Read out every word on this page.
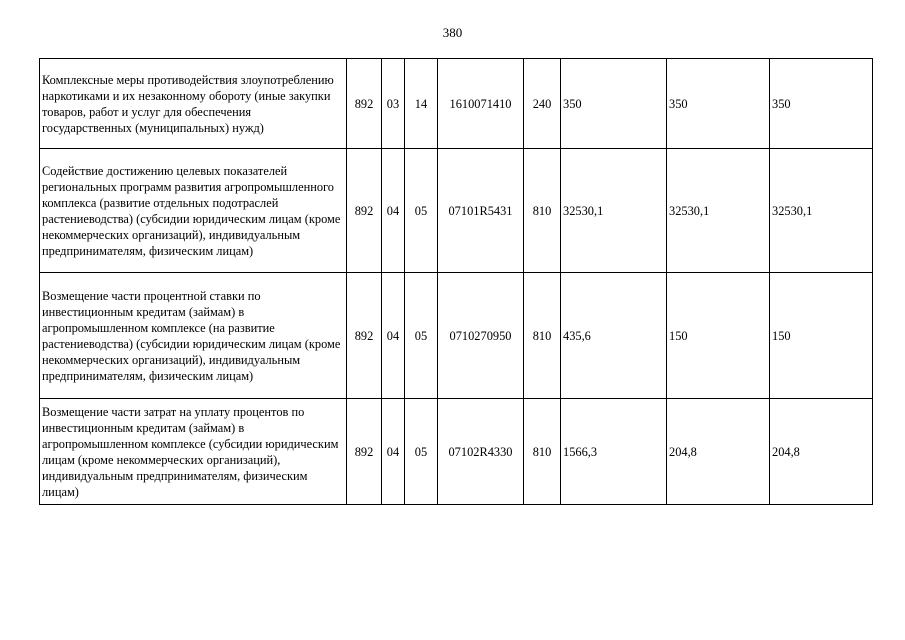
380
Комплексные меры противодействия злоупотреблению наркотиками и их незаконному обороту (иные закупки товаров, работ и услуг для обеспечения государственных (муниципальных) нужд)	892	03	14	1610071410	240	350	350	350
Содействие достижению целевых показателей региональных программ развития агропромышленного комплекса (развитие отдельных подотраслей растениеводства) (субсидии юридическим лицам (кроме некоммерческих организаций), индивидуальным предпринимателям, физическим лицам)	892	04	05	07101R5431	810	32530,1	32530,1	32530,1
Возмещение части процентной ставки по инвестиционным кредитам (займам) в агропромышленном комплексе (на развитие растениеводства) (субсидии юридическим лицам (кроме некоммерческих организаций), индивидуальным предпринимателям, физическим лицам)	892	04	05	0710270950	810	435,6	150	150
Возмещение части затрат на уплату процентов по инвестиционным кредитам (займам) в агропромышленном комплексе (субсидии юридическим лицам (кроме некоммерческих организаций), индивидуальным предпринимателям, физическим лицам)	892	04	05	07102R4330	810	1566,3	204,8	204,8
